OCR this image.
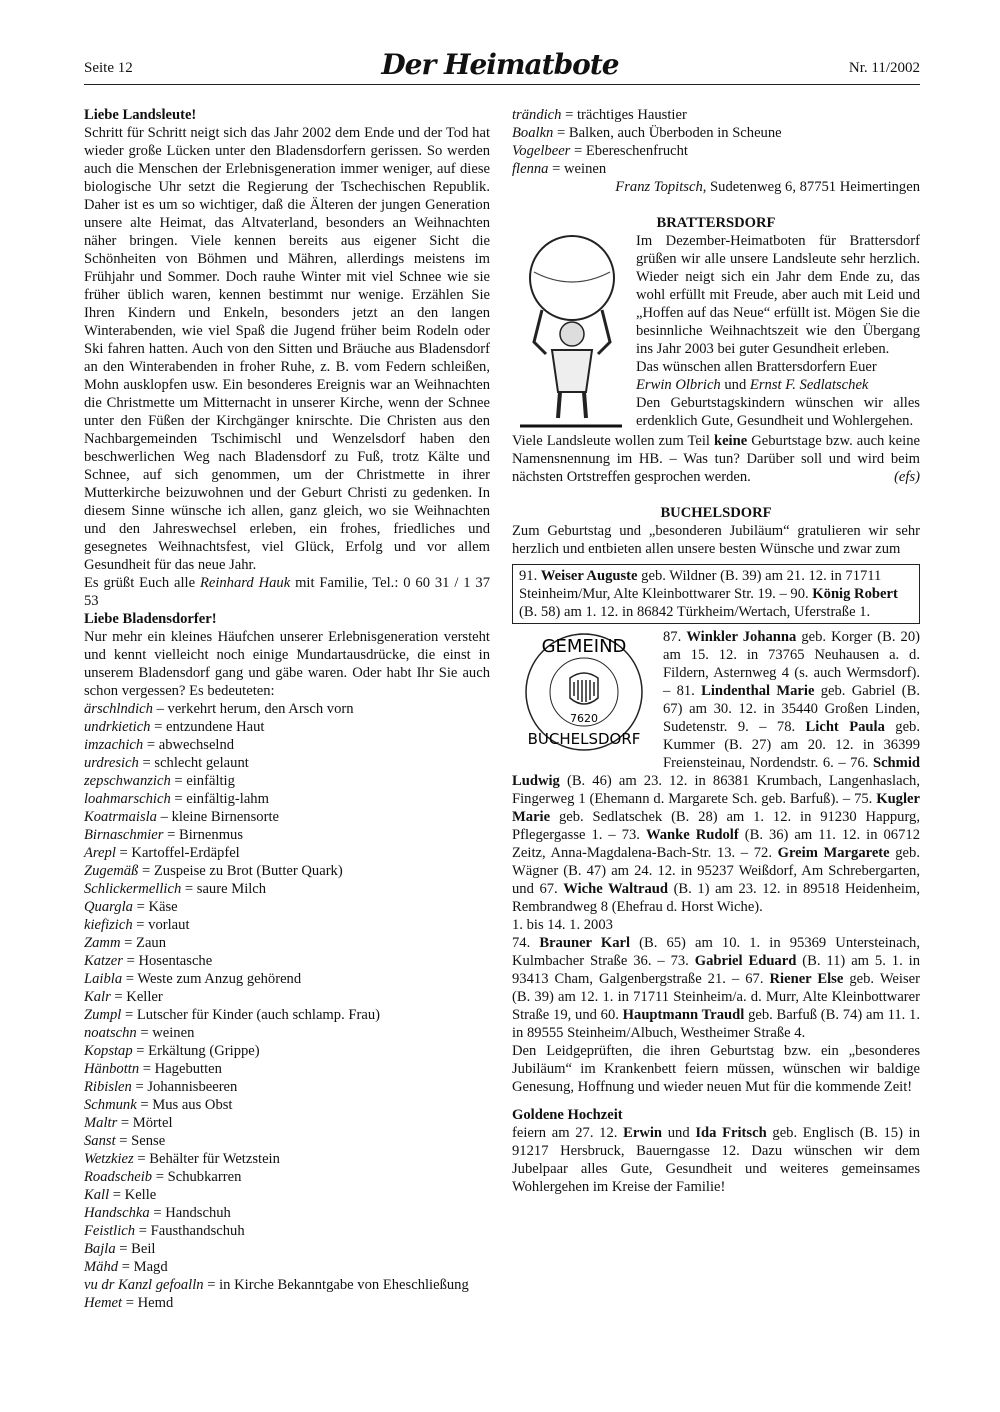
Seite 12	Der Heimatbote	Nr. 11/2002

Liebe Landsleute!

Schritt für Schritt neigt sich das Jahr 2002 dem Ende und der Tod hat wieder große Lücken unter den Bladensdorfern gerissen. So werden auch die Menschen der Erlebnisgeneration immer weniger, auf diese biologische Uhr setzt die Regierung der Tschechischen Republik. Daher ist es um so wichtiger, daß die Älteren der jungen Generation unsere alte Heimat, das Altvaterland, besonders an Weihnachten näher bringen. Viele kennen bereits aus eigener Sicht die Schönheiten von Böhmen und Mähren, allerdings meistens im Frühjahr und Sommer. Doch rauhe Winter mit viel Schnee wie sie früher üblich waren, kennen bestimmt nur wenige. Erzählen Sie Ihren Kindern und Enkeln, besonders jetzt an den langen Winterabenden, wie viel Spaß die Jugend früher beim Rodeln oder Ski fahren hatten. Auch von den Sitten und Bräuche aus Bladensdorf an den Winterabenden in froher Ruhe, z. B. vom Federn schleißen, Mohn ausklopfen usw. Ein besonderes Ereignis war an Weihnachten die Christmette um Mitternacht in unserer Kirche, wenn der Schnee unter den Füßen der Kirchgänger knirschte. Die Christen aus den Nachbargemeinden Tschimischl und Wenzelsdorf haben den beschwerlichen Weg nach Bladensdorf zu Fuß, trotz Kälte und Schnee, auf sich genommen, um der Christmette in ihrer Mutterkirche beizuwohnen und der Geburt Christi zu gedenken. In diesem Sinne wünsche ich allen, ganz gleich, wo sie Weihnachten und den Jahreswechsel erleben, ein frohes, friedliches und gesegnetes Weihnachtsfest, viel Glück, Erfolg und vor allem Gesundheit für das neue Jahr.

Es grüßt Euch alle Reinhard Hauk mit Familie, Tel.: 0 60 31 / 1 37 53

Liebe Bladensdorfer!

Nur mehr ein kleines Häufchen unserer Erlebnisgeneration versteht und kennt vielleicht noch einige Mundartausdrücke, die einst in unserem Bladensdorf gang und gäbe waren. Oder habt Ihr Sie auch schon vergessen? Es bedeuteten:

ärschlndich – verkehrt herum, den Arsch vorn

undrkietich = entzundene Haut

imzachich = abwechselnd

urdresich = schlecht gelaunt

zepschwanzich = einfältig

loahmarschich = einfältig-lahm

Koatrmaisla – kleine Birnensorte

Birnaschmier = Birnenmus

Arepl = Kartoffel-Erdäpfel

Zugemäß = Zuspeise zu Brot (Butter Quark)

Schlickermellich = saure Milch

Quargla = Käse

kiefizich = vorlaut

Zamm = Zaun

Katzer = Hosentasche

Laibla = Weste zum Anzug gehörend

Kalr = Keller

Zumpl = Lutscher für Kinder (auch schlamp. Frau)

noatschn = weinen

Kopstap = Erkältung (Grippe)

Hänbottn = Hagebutten

Ribislen = Johannisbeeren

Schmunk = Mus aus Obst

Maltr = Mörtel

Sanst = Sense

Wetzkiez = Behälter für Wetzstein

Roadscheib = Schubkarren

Kall = Kelle

Handschka = Handschuh

Feistlich = Fausthandschuh

Bajla = Beil

Mähd = Magd

vu dr Kanzl gefoalln = in Kirche Bekanntgabe von Eheschließung

Hemet = Hemd

trändich = trächtiges Haustier

Boalkn = Balken, auch Überboden in Scheune

Vogelbeer = Ebereschenfrucht

flenna = weinen

Franz Topitsch, Sudetenweg 6, 87751 Heimertingen

BRATTERSDORF

Im Dezember-Heimatboten für Brattersdorf grüßen wir alle unsere Landsleute sehr herzlich. Wieder neigt sich ein Jahr dem Ende zu, das wohl erfüllt mit Freude, aber auch mit Leid und „Hoffen auf das Neue“ erfüllt ist. Mögen Sie die besinnliche Weihnachtszeit wie den Übergang ins Jahr 2003 bei guter Gesundheit erleben.

Das wünschen allen Brattersdorfern Euer

Erwin Olbrich und Ernst F. Sedlatschek

Den Geburtstagskindern wünschen wir alles erdenklich Gute, Gesundheit und Wohlergehen.

Viele Landsleute wollen zum Teil keine Geburtstage bzw. auch keine Namensnennung im HB. – Was tun? Darüber soll und wird beim nächsten Ortstreffen gesprochen werden.	(efs)

BUCHELSDORF

Zum Geburtstag und „besonderen Jubiläum“ gratulieren wir sehr herzlich und entbieten allen unsere besten Wünsche und zwar zum

91. Weiser Auguste geb. Wildner (B. 39) am 21. 12. in 71711 Steinheim/Mur, Alte Kleinbottwarer Str. 19. – 90. König Robert (B. 58) am 1. 12. in 86842 Türkheim/Wertach, Uferstraße 1.
GEMEIND
BUCHELSDORF
7620

87. Winkler Johanna geb. Korger (B. 20) am 15. 12. in 73765 Neuhausen a. d. Fildern, Asternweg 4 (s. auch Wermsdorf). – 81. Lindenthal Marie geb. Gabriel (B. 67) am 30. 12. in 35440 Großen Linden, Sudetenstr. 9. – 78. Licht Paula geb. Kummer (B. 27) am 20. 12. in 36399 Freiensteinau, Nordendstr. 6. – 76. Schmid Ludwig (B. 46) am 23. 12. in 86381 Krumbach, Langenhaslach, Fingerweg 1 (Ehemann d. Margarete Sch. geb. Barfuß). – 75. Kugler Marie geb. Sedlatschek (B. 28) am 1. 12. in 91230 Happurg, Pflegergasse 1. – 73. Wanke Rudolf (B. 36) am 11. 12. in 06712 Zeitz, Anna-Magdalena-Bach-Str. 13. – 72. Greim Margarete geb. Wägner (B. 47) am 24. 12. in 95237 Weißdorf, Am Schrebergarten, und 67. Wiche Waltraud (B. 1) am 23. 12. in 89518 Heidenheim, Rembrandweg 8 (Ehefrau d. Horst Wiche).

1. bis 14. 1. 2003

74. Brauner Karl (B. 65) am 10. 1. in 95369 Untersteinach, Kulmbacher Straße 36. – 73. Gabriel Eduard (B. 11) am 5. 1. in 93413 Cham, Galgenbergstraße 21. – 67. Riener Else geb. Weiser (B. 39) am 12. 1. in 71711 Steinheim/a. d. Murr, Alte Kleinbottwarer Straße 19, und 60. Hauptmann Traudl geb. Barfuß (B. 74) am 11. 1. in 89555 Steinheim/Albuch, Westheimer Straße 4.

Den Leidgeprüften, die ihren Geburtstag bzw. ein „besonderes Jubiläum“ im Krankenbett feiern müssen, wünschen wir baldige Genesung, Hoffnung und wieder neuen Mut für die kommende Zeit!

Goldene Hochzeit

feiern am 27. 12. Erwin und Ida Fritsch geb. Englisch (B. 15) in 91217 Hersbruck, Bauerngasse 12. Dazu wünschen wir dem Jubelpaar alles Gute, Gesundheit und weiteres gemeinsames Wohlergehen im Kreise der Familie!
